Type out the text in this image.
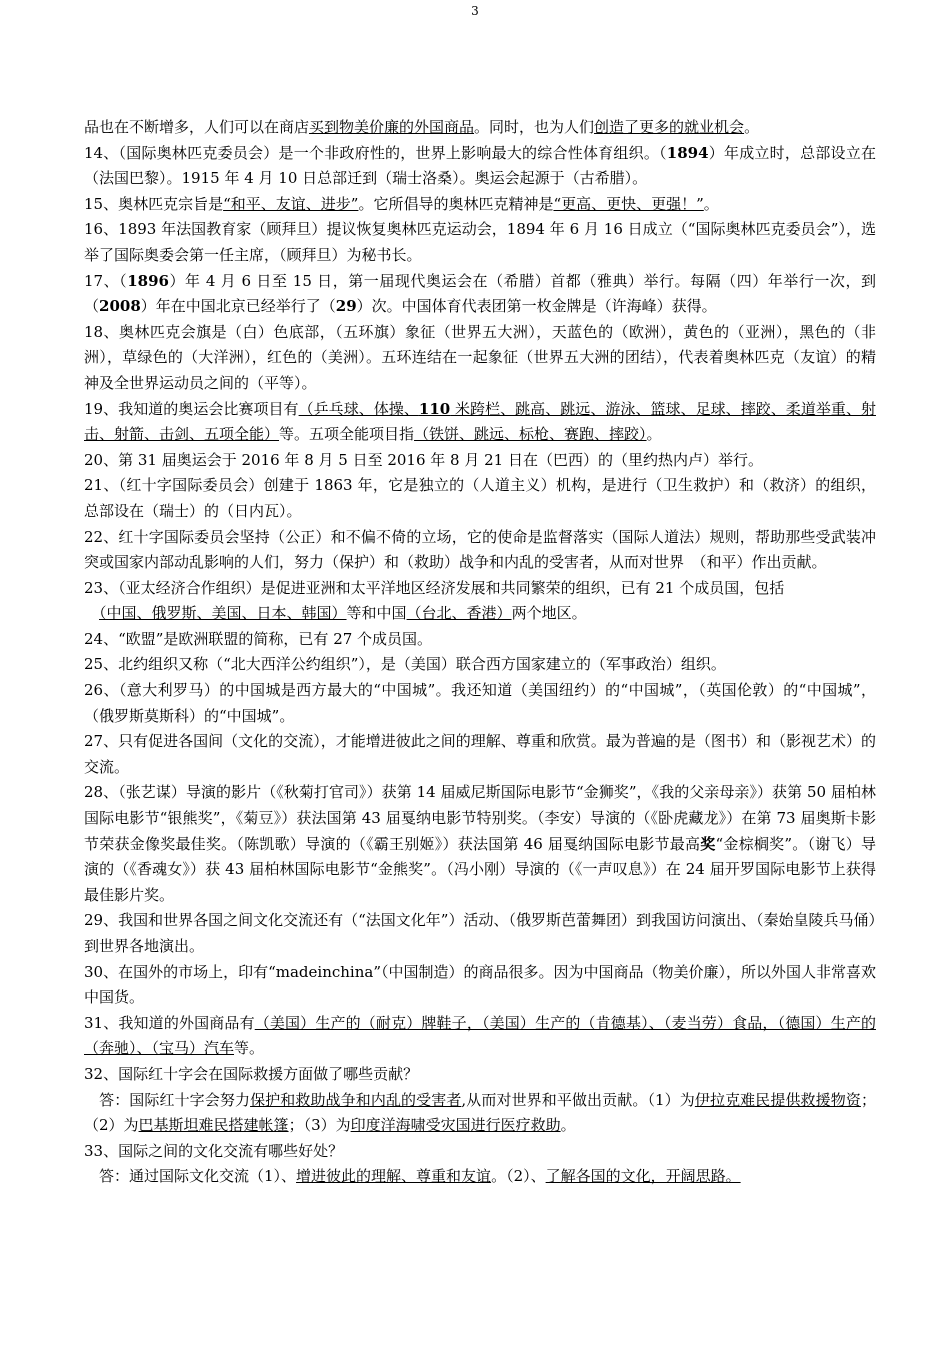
3

品也在不断增多，人们可以在商店买到物美价廉的外国商品。同时，也为人们创造了更多的就业机会。

14、（国际奥林匹克委员会）是一个非政府性的，世界上影响最大的综合性体育组织。（1894）年成立时，总部设立在（法国巴黎）。1915 年 4 月 10 日总部迁到（瑞士洛桑）。奥运会起源于（古希腊）。

15、奥林匹克宗旨是“和平、友谊、进步”。它所倡导的奥林匹克精神是“更高、更快、更强！”。

16、1893 年法国教育家（顾拜旦）提议恢复奥林匹克运动会，1894 年 6 月 16 日成立（“国际奥林匹克委员会”），选举了国际奥委会第一任主席，（顾拜旦）为秘书长。

17、（1896）年 4 月 6 日至 15 日，第一届现代奥运会在（希腊）首都（雅典）举行。每隔（四）年举行一次，到（2008）年在中国北京已经举行了（29）次。中国体育代表团第一枚金牌是（许海峰）获得。

18、奥林匹克会旗是（白）色底部，（五环旗）象征（世界五大洲），天蓝色的（欧洲），黄色的（亚洲），黑色的（非洲），草绿色的（大洋洲），红色的（美洲）。五环连结在一起象征（世界五大洲的团结），代表着奥林匹克（友谊）的精神及全世界运动员之间的（平等）。

19、我知道的奥运会比赛项目有（乒乓球、体操、110 米跨栏、跳高、跳远、游泳、篮球、足球、摔跤、柔道举重、射击、射箭、击剑、五项全能）等。五项全能项目指（铁饼、跳远、标枪、赛跑、摔跤）。

20、第 31 届奥运会于 2016 年 8 月 5 日至 2016 年 8 月 21 日在（巴西）的（里约热内卢）举行。

21、（红十字国际委员会）创建于 1863 年，它是独立的（人道主义）机构，是进行（卫生救护）和（救济）的组织，总部设在（瑞士）的（日内瓦）。

22、红十字国际委员会坚持（公正）和不偏不倚的立场，它的使命是监督落实（国际人道法）规则，帮助那些受武装冲突或国家内部动乱影响的人们，努力（保护）和（救助）战争和内乱的受害者，从而对世界　（和平）作出贡献。

23、（亚太经济合作组织）是促进亚洲和太平洋地区经济发展和共同繁荣的组织，已有 21 个成员国，包括

　（中国、俄罗斯、美国、日本、韩国）等和中国（台北、香港）两个地区。

24、“欧盟”是欧洲联盟的简称，已有 27 个成员国。

25、北约组织又称（“北大西洋公约组织”），是（美国）联合西方国家建立的（军事政治）组织。

26、（意大利罗马）的中国城是西方最大的“中国城”。我还知道（美国纽约）的“中国城”，（英国伦敦）的“中国城”，（俄罗斯莫斯科）的“中国城”。

27、只有促进各国间（文化的交流），才能增进彼此之间的理解、尊重和欣赏。最为普遍的是（图书）和（影视艺术）的交流。

28、（张艺谋）导演的影片（《秋菊打官司》）获第 14 届威尼斯国际电影节“金狮奖”，《我的父亲母亲》）获第 50 届柏林国际电影节“银熊奖”，《菊豆》）获法国第 43 届戛纳电影节特别奖。（李安）导演的（《卧虎藏龙》）在第 73 届奥斯卡影节荣获金像奖最佳奖。（陈凯歌）导演的（《霸王别姬》）获法国第 46 届戛纳国际电影节最高奖“金棕榈奖”。（谢飞）导演的（《香魂女》）获 43 届柏林国际电影节“金熊奖”。（冯小刚）导演的（《一声叹息》）在 24 届开罗国际电影节上获得最佳影片奖。

29、我国和世界各国之间文化交流还有（“法国文化年”）活动、（俄罗斯芭蕾舞团）到我国访问演出、（秦始皇陵兵马俑）到世界各地演出。

30、在国外的市场上，印有“madeinchina”（中国制造）的商品很多。因为中国商品（物美价廉），所以外国人非常喜欢中国货。

31、我知道的外国商品有（美国）生产的（耐克）牌鞋子，（美国）生产的（肯德基）、（麦当劳）食品，（德国）生产的（奔驰）、（宝马）汽车等。

32、国际红十字会在国际救援方面做了哪些贡献？

　答：国际红十字会努力保护和救助战争和内乱的受害者,从而对世界和平做出贡献。（1）为伊拉克难民提供救援物资；（2）为巴基斯坦难民搭建帐篷；（3）为印度洋海啸受灾国进行医疗救助。

33、国际之间的文化交流有哪些好处？

　答：通过国际文化交流（1）、增进彼此的理解、尊重和友谊。（2）、了解各国的文化，开阔思路。
